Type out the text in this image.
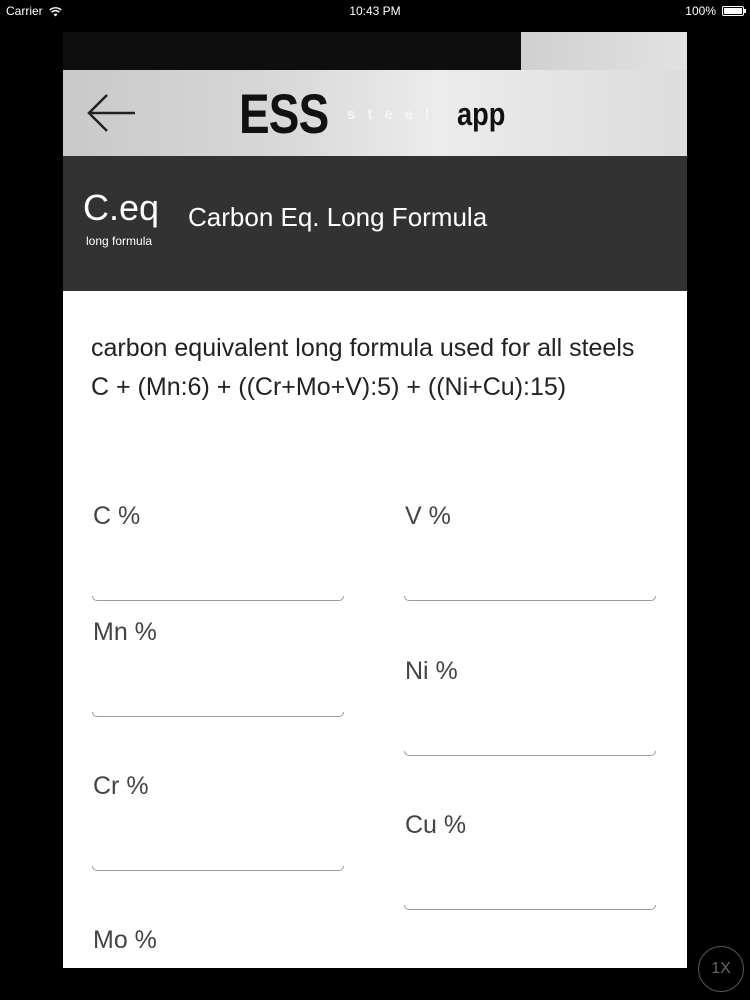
Carrier	10:43 PM	100%
ESS steel app
C.eq
long formula
Carbon Eq. Long Formula
carbon equivalent long formula used for all steels C + (Mn:6) + ((Cr+Mo+V):5) + ((Ni+Cu):15)
C %
Mn %
Cr %
Mo %
V %
Ni %
Cu %
1X
